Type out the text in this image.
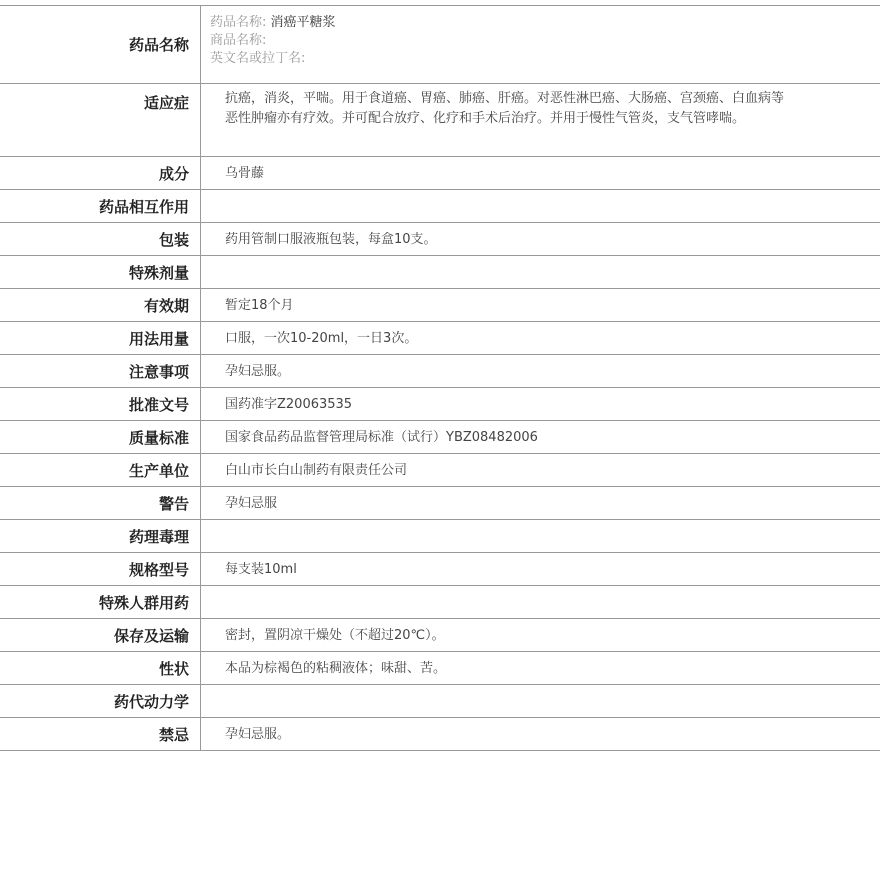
药品名称
药品名称: 消癌平糖浆
商品名称:
英文名或拉丁名:
适应症	抗癌，消炎，平喘。用于食道癌、胃癌、肺癌、肝癌。对恶性淋巴癌、大肠癌、宫颈癌、白血病等恶性肿瘤亦有疗效。并可配合放疗、化疗和手术后治疗。并用于慢性气管炎，支气管哮喘。
成分	乌骨藤
药品相互作用
包装	药用管制口服液瓶包装，每盒10支。
特殊剂量
有效期	暂定18个月
用法用量	口服，一次10-20ml，一日3次。
注意事项	孕妇忌服。
批准文号	国药准字Z20063535
质量标准	国家食品药品监督管理局标准（试行）YBZ08482006
生产单位	白山市长白山制药有限责任公司
警告	孕妇忌服
药理毒理
规格型号	每支装10ml
特殊人群用药
保存及运输	密封，置阴凉干燥处（不超过20℃）。
性状	本品为棕褐色的粘稠液体；味甜、苦。
药代动力学
禁忌	孕妇忌服。
